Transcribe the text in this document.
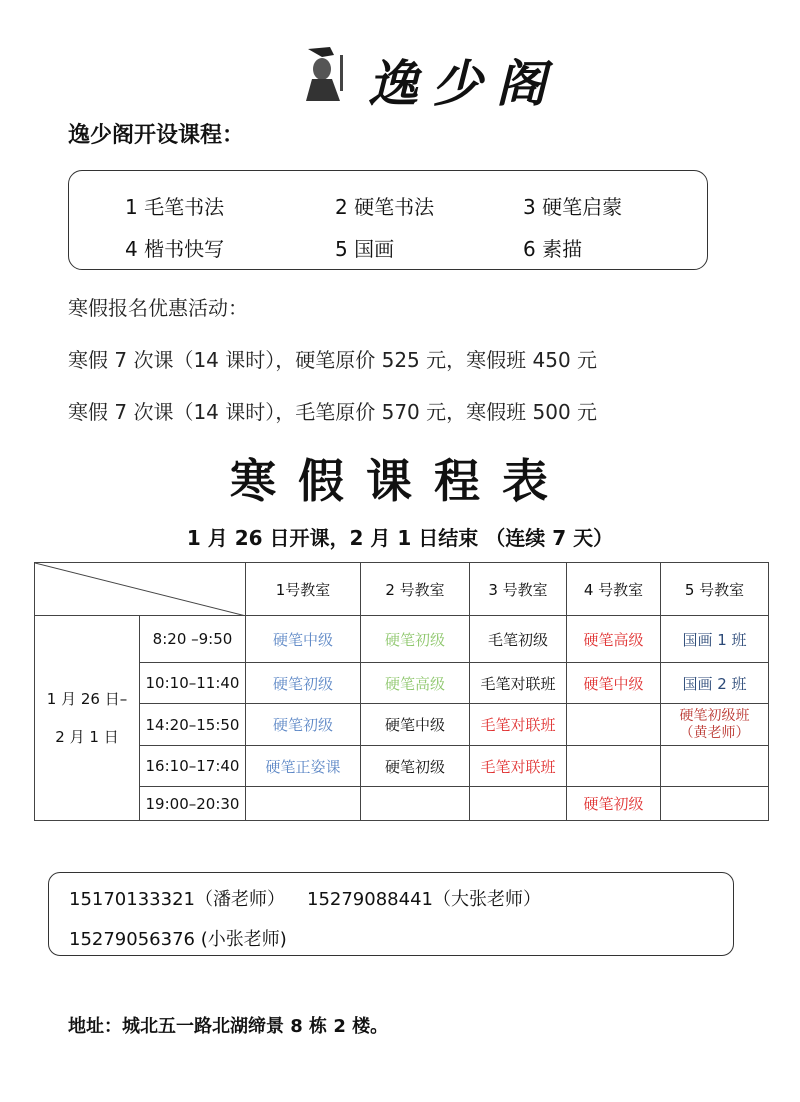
逸少阁
逸少阁开设课程：
1 毛笔书法	2 硬笔书法	3 硬笔启蒙
4 楷书快写	5 国画	6 素描
寒假报名优惠活动：
寒假 7 次课（14 课时），硬笔原价 525 元，寒假班 450 元
寒假 7 次课（14 课时），毛笔原价 570 元，寒假班 500 元
寒假课程表
1 月 26 日开课，2 月 1 日结束 （连续 7 天）
	1号教室	2 号教室	3 号教室	4 号教室	5 号教室

1 月 26 日–
2 月 1 日	8:20 –9:50	硬笔中级	硬笔初级	毛笔初级	硬笔高级	国画 1 班
	10:10–11:40	硬笔初级	硬笔高级	毛笔对联班	硬笔中级	国画 2 班
	14:20–15:50	硬笔初级	硬笔中级	毛笔对联班		硬笔初级班
（黄老师）

	16:10–17:40	硬笔正姿课	硬笔初级	毛笔对联班		
	19:00–20:30				硬笔初级	
15170133321（潘老师） 15279088441（大张老师）
15279056376 (小张老师)
地址：城北五一路北湖缔景 8 栋 2 楼。
